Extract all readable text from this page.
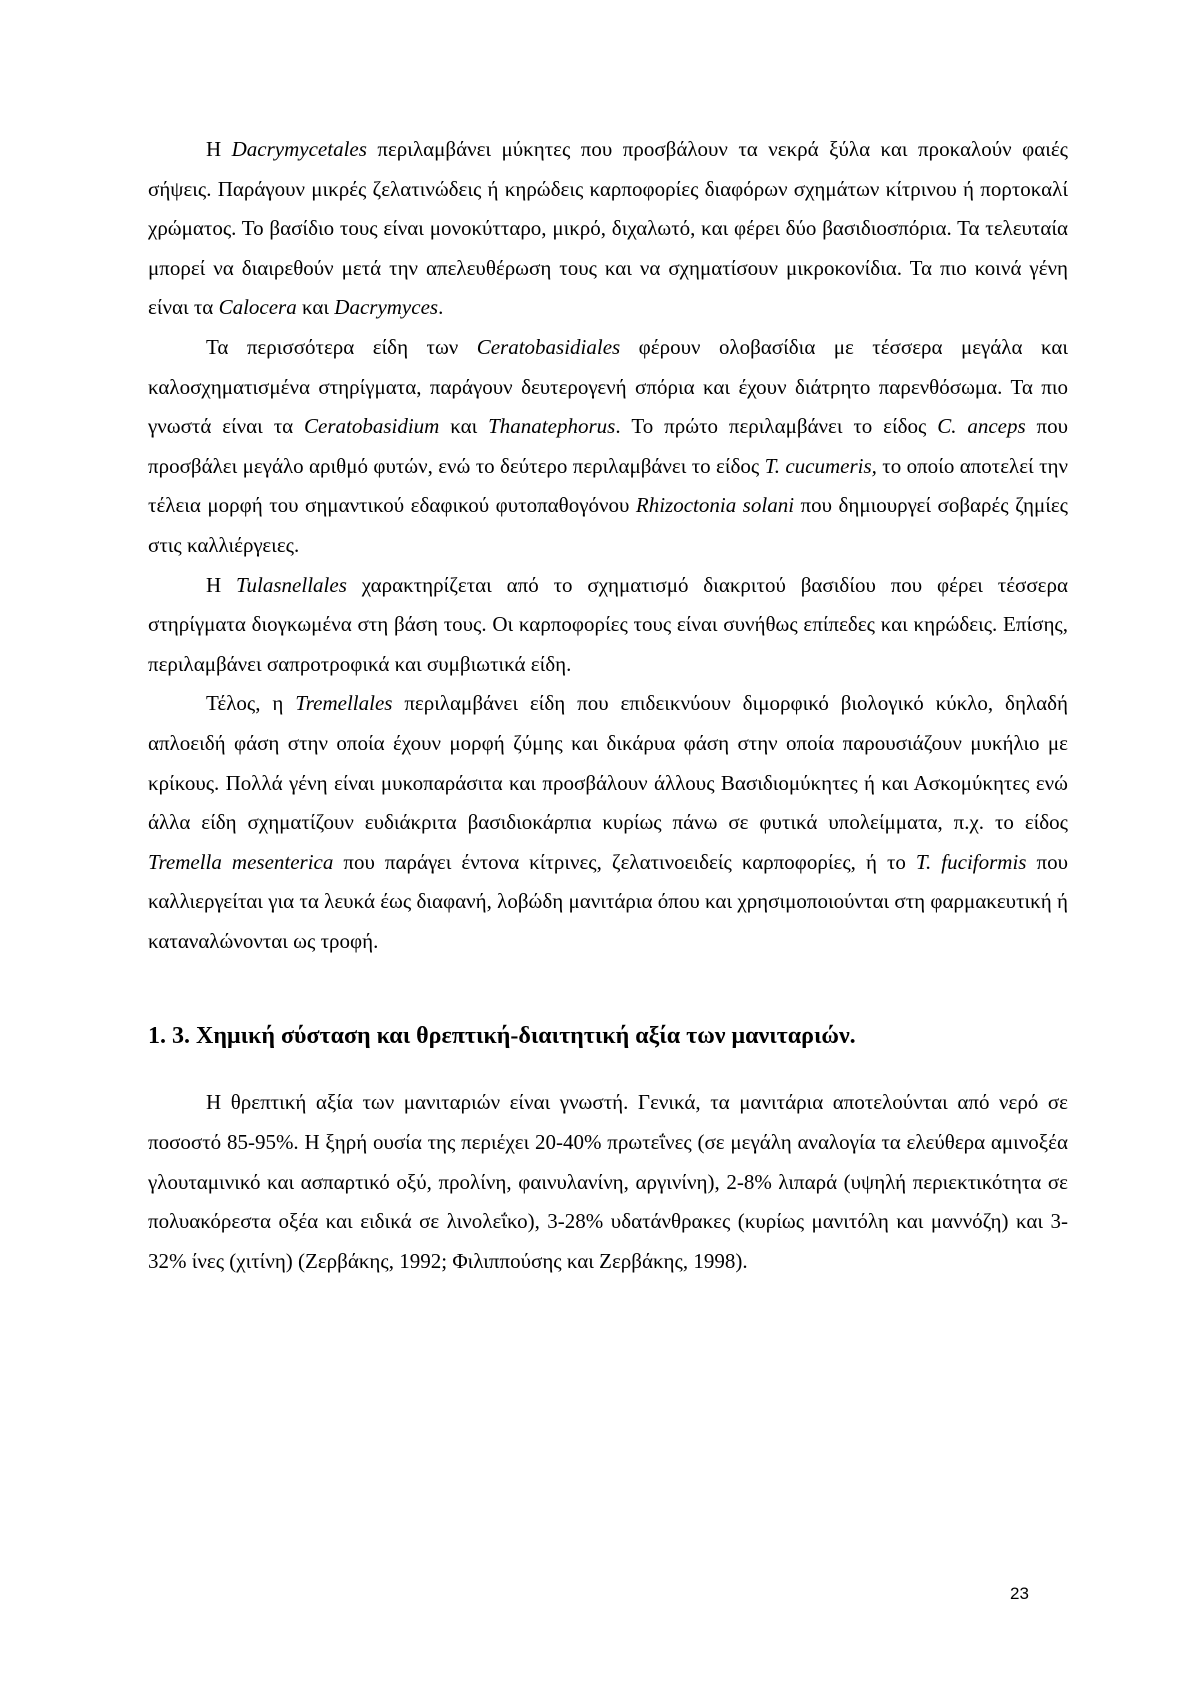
Η Dacrymycetales περιλαμβάνει μύκητες που προσβάλουν τα νεκρά ξύλα και προκαλούν φαιές σήψεις. Παράγουν μικρές ζελατινώδεις ή κηρώδεις καρποφορίες διαφόρων σχημάτων κίτρινου ή πορτοκαλί χρώματος. Το βασίδιο τους είναι μονοκύτταρο, μικρό, διχαλωτό, και φέρει δύο βασιδιοσπόρια. Τα τελευταία μπορεί να διαιρεθούν μετά την απελευθέρωση τους και να σχηματίσουν μικροκονίδια. Τα πιο κοινά γένη είναι τα Calocera και Dacrymyces.

Τα περισσότερα είδη των Ceratobasidiales φέρουν ολοβασίδια με τέσσερα μεγάλα και καλοσχηματισμένα στηρίγματα, παράγουν δευτερογενή σπόρια και έχουν διάτρητο παρενθόσωμα. Τα πιο γνωστά είναι τα Ceratobasidium και Thanatephorus. Το πρώτο περιλαμβάνει το είδος C. anceps που προσβάλει μεγάλο αριθμό φυτών, ενώ το δεύτερο περιλαμβάνει το είδος T. cucumeris, το οποίο αποτελεί την τέλεια μορφή του σημαντικού εδαφικού φυτοπαθογόνου Rhizoctonia solani που δημιουργεί σοβαρές ζημίες στις καλλιέργειες.

Η Tulasnellales χαρακτηρίζεται από το σχηματισμό διακριτού βασιδίου που φέρει τέσσερα στηρίγματα διογκωμένα στη βάση τους. Οι καρποφορίες τους είναι συνήθως επίπεδες και κηρώδεις. Επίσης, περιλαμβάνει σαπροτροφικά και συμβιωτικά είδη.

Τέλος, η Tremellales περιλαμβάνει είδη που επιδεικνύουν διμορφικό βιολογικό κύκλο, δηλαδή απλοειδή φάση στην οποία έχουν μορφή ζύμης και δικάρυα φάση στην οποία παρουσιάζουν μυκήλιο με κρίκους. Πολλά γένη είναι μυκοπαράσιτα και προσβάλουν άλλους Βασιδιομύκητες ή και Ασκομύκητες ενώ άλλα είδη σχηματίζουν ευδιάκριτα βασιδιοκάρπια κυρίως πάνω σε φυτικά υπολείμματα, π.χ. το είδος Tremella mesenterica που παράγει έντονα κίτρινες, ζελατινοειδείς καρποφορίες, ή το T. fuciformis που καλλιεργείται για τα λευκά έως διαφανή, λοβώδη μανιτάρια όπου και χρησιμοποιούνται στη φαρμακευτική ή καταναλώνονται ως τροφή.

1. 3. Χημική σύσταση και θρεπτική-διαιτητική αξία των μανιταριών.

Η θρεπτική αξία των μανιταριών είναι γνωστή. Γενικά, τα μανιτάρια αποτελούνται από νερό σε ποσοστό 85-95%. Η ξηρή ουσία της περιέχει 20-40% πρωτεΐνες (σε μεγάλη αναλογία τα ελεύθερα αμινοξέα γλουταμινικό και ασπαρτικό οξύ, προλίνη, φαινυλανίνη, αργινίνη), 2-8% λιπαρά (υψηλή περιεκτικότητα σε πολυακόρεστα οξέα και ειδικά σε λινολεΐκο), 3-28% υδατάνθρακες (κυρίως μανιτόλη και μαννόζη) και 3-32% ίνες (χιτίνη) (Ζερβάκης, 1992; Φιλιππούσης και Ζερβάκης, 1998).

23
